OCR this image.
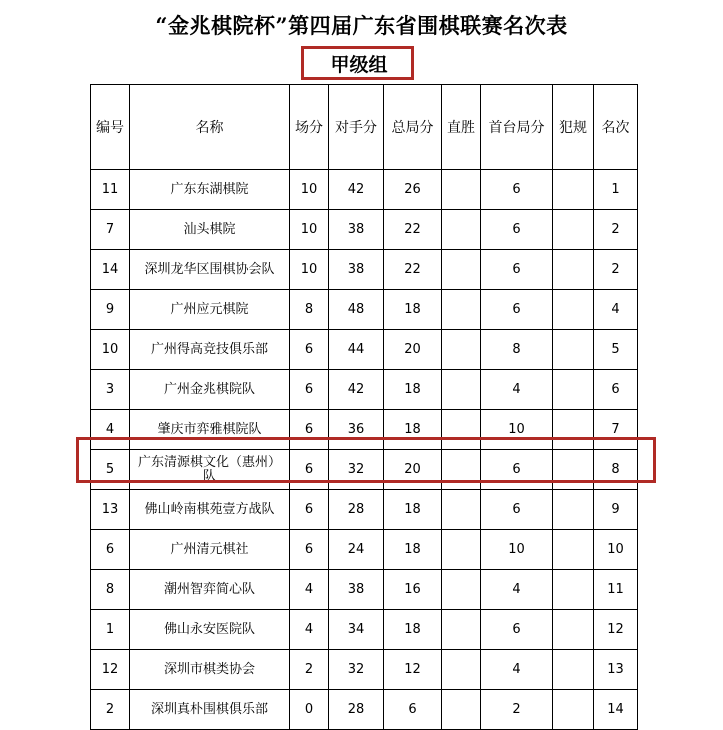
“金兆棋院杯”第四届广东省围棋联赛名次表
甲级组
编号	名称	场分	对手分	总局分	直胜	首台局分	犯规	名次
11	广东东湖棋院	10	42	26		6		1
7	汕头棋院	10	38	22		6		2
14	深圳龙华区围棋协会队	10	38	22		6		2
9	广州应元棋院	8	48	18		6		4
10	广州得高竞技俱乐部	6	44	20		8		5
3	广州金兆棋院队	6	42	18		4		6
4	肇庆市弈雅棋院队	6	36	18		10		7
5	广东清源棋文化（惠州）队	6	32	20		6		8
13	佛山岭南棋苑壹方战队	6	28	18		6		9
6	广州清元棋社	6	24	18		10		10
8	潮州智弈简心队	4	38	16		4		11
1	佛山永安医院队	4	34	18		6		12
12	深圳市棋类协会	2	32	12		4		13
2	深圳真朴围棋俱乐部	0	28	6		2		14
